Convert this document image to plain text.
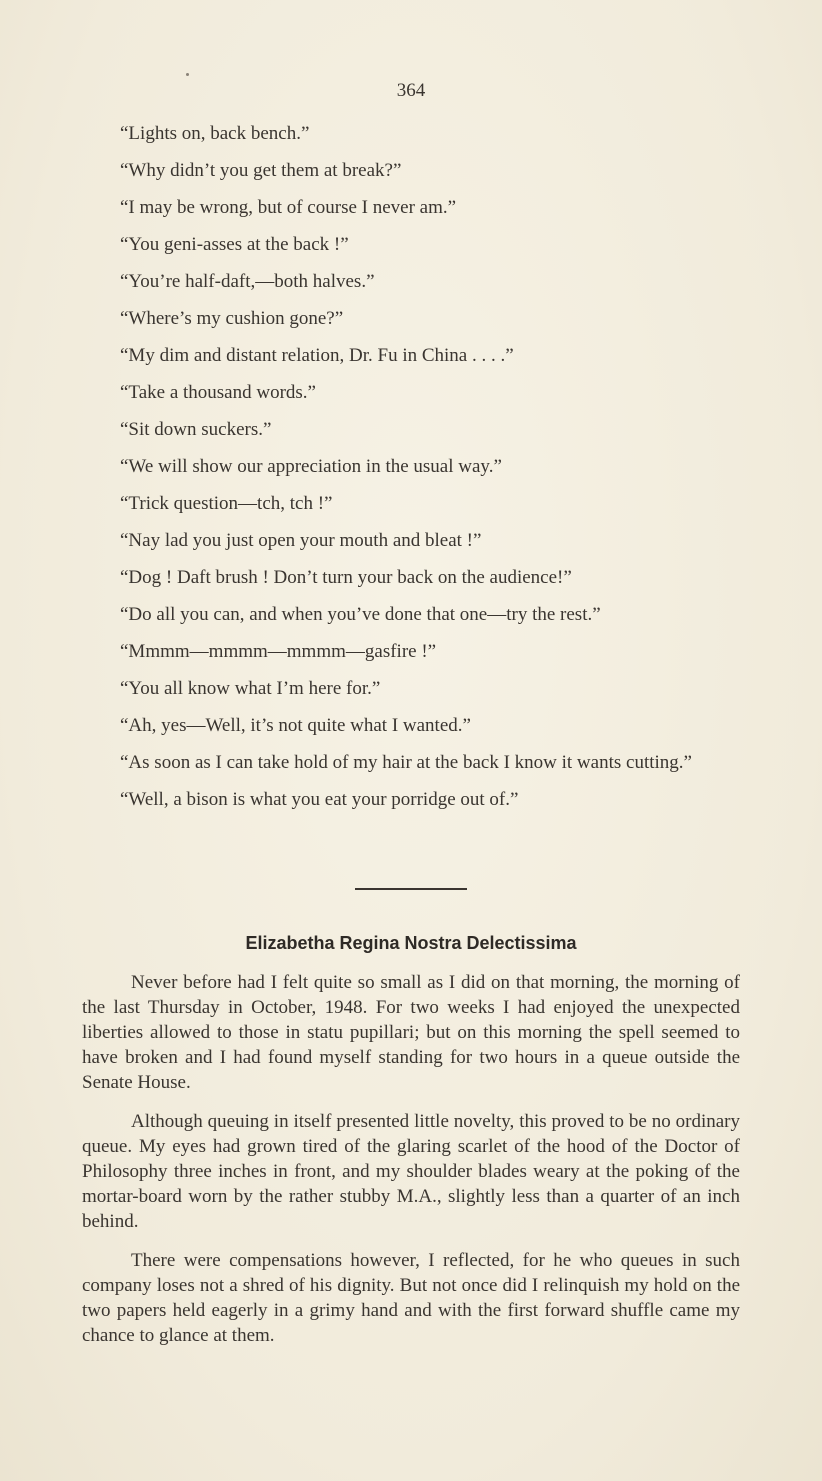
364

“Lights on, back bench.”

“Why didn’t you get them at break?”

“I may be wrong, but of course I never am.”

“You geni-asses at the back !”

“You’re half-daft,—both halves.”

“Where’s my cushion gone?”

“My dim and distant relation, Dr. Fu in China . . . .”

“Take a thousand words.”

“Sit down suckers.”

“We will show our appreciation in the usual way.”

“Trick question—tch, tch !”

“Nay lad you just open your mouth and bleat !”

“Dog ! Daft brush ! Don’t turn your back on the audience!”

“Do all you can, and when you’ve done that one—try the rest.”

“Mmmm—mmmm—mmmm—gasfire !”

“You all know what I’m here for.”

“Ah, yes—Well, it’s not quite what I wanted.”

“As soon as I can take hold of my hair at the back I know it wants cutting.”

“Well, a bison is what you eat your porridge out of.”

Elizabetha Regina Nostra Delectissima

Never before had I felt quite so small as I did on that morning, the morning of the last Thursday in October, 1948. For two weeks I had enjoyed the unexpected liberties allowed to those in statu pupillari; but on this morning the spell seemed to have broken and I had found myself standing for two hours in a queue outside the Senate House.

Although queuing in itself presented little novelty, this proved to be no ordinary queue. My eyes had grown tired of the glaring scarlet of the hood of the Doctor of Philosophy three inches in front, and my shoulder blades weary at the poking of the mortar-board worn by the rather stubby M.A., slightly less than a quarter of an inch behind.

There were compensations however, I reflected, for he who queues in such company loses not a shred of his dignity. But not once did I relinquish my hold on the two papers held eagerly in a grimy hand and with the first forward shuffle came my chance to glance at them.
